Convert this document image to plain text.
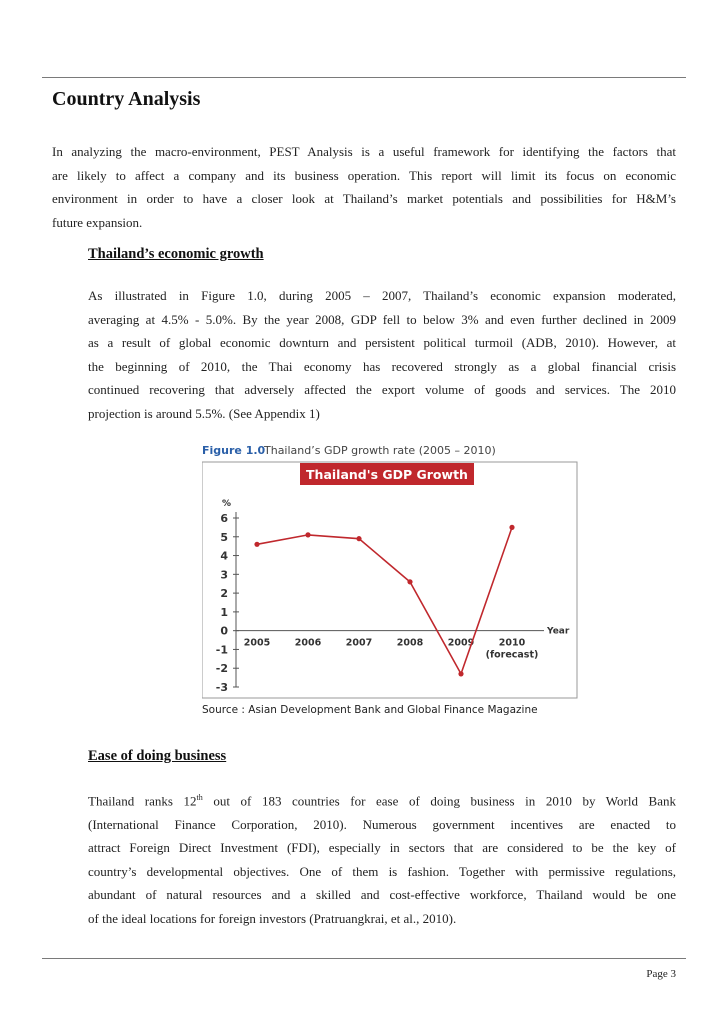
Country Analysis
In analyzing the macro-environment, PEST Analysis is a useful framework for identifying the factors that
are likely to affect a company and its business operation. This report will limit its focus on economic
environment in order to have a closer look at Thailand’s market potentials and possibilities for H&M’s
future expansion.
Thailand’s economic growth
As illustrated in Figure 1.0, during 2005 – 2007, Thailand’s economic expansion moderated,
averaging at 4.5% - 5.0%. By the year 2008, GDP fell to below 3% and even further declined in 2009
as a result of global economic downturn and persistent political turmoil (ADB, 2010). However, at
the beginning of 2010, the Thai economy has recovered strongly as a global financial crisis
continued recovering that adversely affected the export volume of goods and services. The 2010
projection is around 5.5%. (See Appendix 1)
Figure 1.0
Thailand’s GDP growth rate (2005 – 2010)
Thailand's GDP Growth
%
6
5
4
3
2
1
0
-1
-2
-3
Year
2005	2006	2007	2008	2009	2010
(forecast)
Source : Asian Development Bank and Global Finance Magazine
Ease of doing business
Thailand ranks 12th out of 183 countries for ease of doing business in 2010 by World Bank
(International Finance Corporation, 2010). Numerous government incentives are enacted to
attract Foreign Direct Investment (FDI), especially in sectors that are considered to be the key of
country’s developmental objectives. One of them is fashion. Together with permissive regulations,
abundant of natural resources and a skilled and cost-effective workforce, Thailand would be one
of the ideal locations for foreign investors (Pratruangkrai, et al., 2010).
Page 3
